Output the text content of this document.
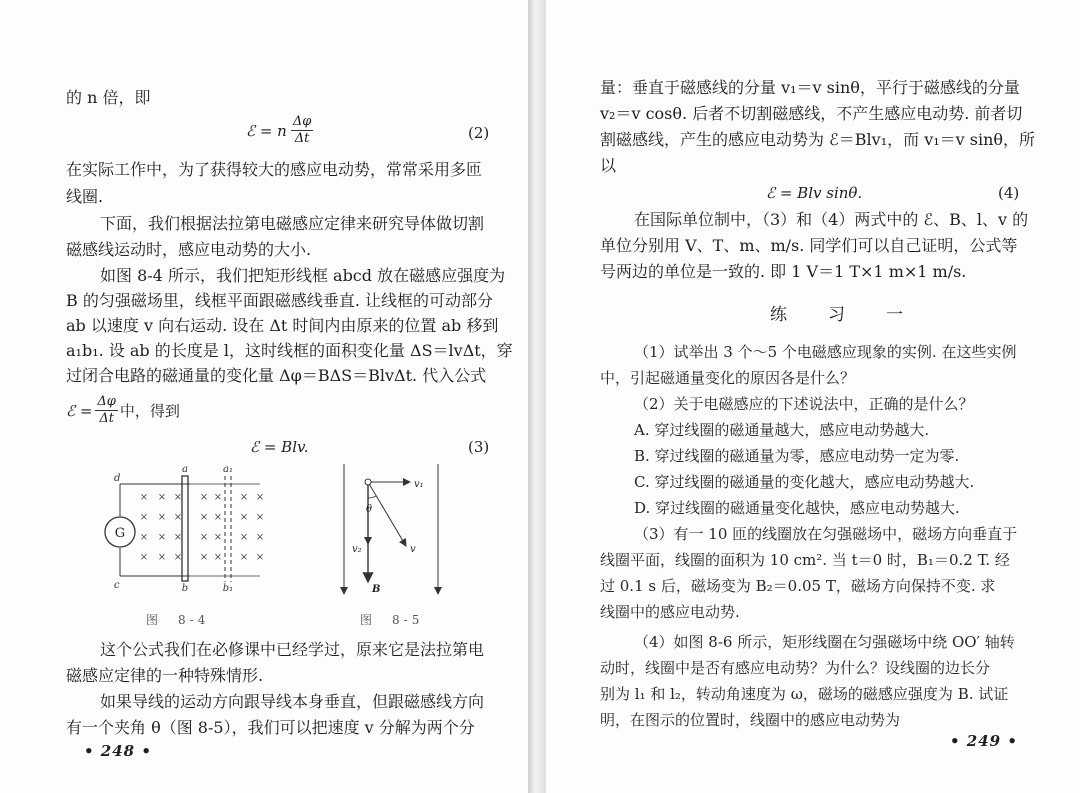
的 n 倍，即
ℰ = n $\frac{\Delta\varphi}{\Delta t}$	(2)
在实际工作中，为了获得较大的感应电动势，常常采用多匝
线圈.
下面，我们根据法拉第电磁感应定律来研究导体做切割
磁感线运动时，感应电动势的大小.
如图 8-4 所示，我们把矩形线框 abcd 放在磁感应强度为
B 的匀强磁场里，线框平面跟磁感线垂直. 让线框的可动部分
ab 以速度 v 向右运动. 设在 Δt 时间内由原来的位置 ab 移到
a₁b₁. 设 ab 的长度是 l，这时线框的面积变化量 ΔS＝lvΔt，穿
过闭合电路的磁通量的变化量 Δφ＝BΔS＝BlvΔt. 代入公式
ℰ = $\frac{\Delta\varphi}{\Delta t}$ 中，得到
ℰ = Blv.	(3)
G
a	a₁
b	b₁
d
c
× × × × × × ×
× × × × × × ×
× × × × × × ×
× × × × × × ×
图　8-4
v₁
v₂	v
θ
B
图　8-5
这个公式我们在必修课中已经学过，原来它是法拉第电
磁感应定律的一种特殊情形.
如果导线的运动方向跟导线本身垂直，但跟磁感线方向
有一个夹角 θ（图 8-5），我们可以把速度 v 分解为两个分
• 248 •
量：垂直于磁感线的分量 v₁＝v sinθ，平行于磁感线的分量
v₂＝v cosθ. 后者不切割磁感线，不产生感应电动势. 前者切
割磁感线，产生的感应电动势为 ℰ＝Blv₁，而 v₁＝v sinθ，所
以
ℰ = Blv sinθ.	(4)
在国际单位制中，（3）和（4）两式中的 ℰ、B、l、v 的
单位分别用 V、T、m、m/s. 同学们可以自己证明，公式等
号两边的单位是一致的. 即 1 V＝1 T×1 m×1 m/s.
练　习　一
（1）试举出 3 个～5 个电磁感应现象的实例. 在这些实例
中，引起磁通量变化的原因各是什么？
（2）关于电磁感应的下述说法中，正确的是什么？
A. 穿过线圈的磁通量越大，感应电动势越大.
B. 穿过线圈的磁通量为零，感应电动势一定为零.
C. 穿过线圈的磁通量的变化越大，感应电动势越大.
D. 穿过线圈的磁通量变化越快，感应电动势越大.
（3）有一 10 匝的线圈放在匀强磁场中，磁场方向垂直于
线圈平面，线圈的面积为 10 cm². 当 t＝0 时，B₁＝0.2 T. 经
过 0.1 s 后，磁场变为 B₂＝0.05 T，磁场方向保持不变. 求
线圈中的感应电动势.
（4）如图 8-6 所示，矩形线圈在匀强磁场中绕 OO′ 轴转
动时，线圈中是否有感应电动势？为什么？设线圈的边长分
别为 l₁ 和 l₂，转动角速度为 ω，磁场的磁感应强度为 B. 试证
明，在图示的位置时，线圈中的感应电动势为
• 249 •
